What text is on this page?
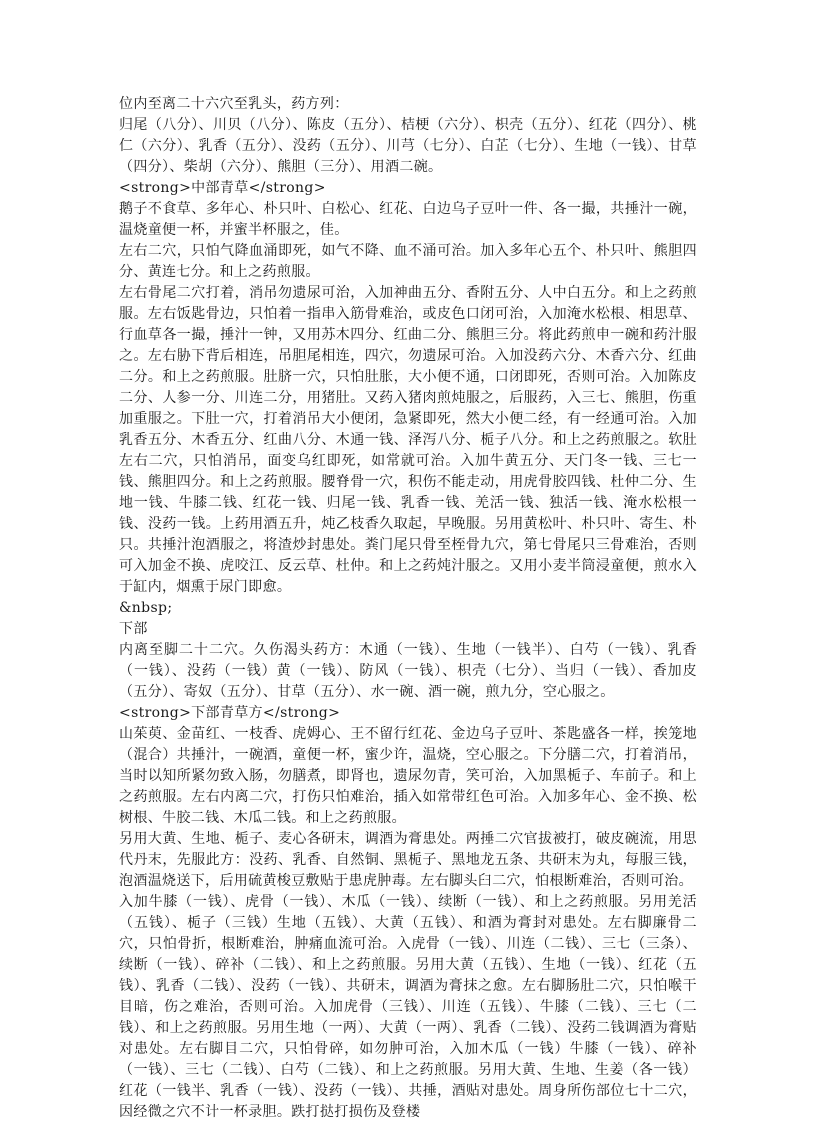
位内至离二十六穴至乳头，药方列：

归尾（八分）、川贝（八分）、陈皮（五分）、桔梗（六分）、枳壳（五分）、红花（四分）、桃仁（六分）、乳香（五分）、没药（五分）、川芎（七分）、白芷（七分）、生地（一钱）、甘草（四分）、柴胡（六分）、熊胆（三分）、用酒二碗。

<strong>中部青草</strong>

鹅子不食草、多年心、朴只叶、白松心、红花、白边乌子豆叶一件、各一撮，共捶汁一碗，温烧童便一杯，并蜜半杯服之，佳。

左右二穴，只怕气降血涌即死，如气不降、血不涌可治。加入多年心五个、朴只叶、熊胆四分、黄连七分。和上之药煎服。

左右骨尾二穴打着，消吊勿遗尿可治，入加神曲五分、香附五分、人中白五分。和上之药煎服。左右饭匙骨边，只怕着一指串入筋骨难治，或皮色口闭可治，入加淹水松根、相思草、行血草各一撮，捶汁一钟，又用苏木四分、红曲二分、熊胆三分。将此药煎申一碗和药汁服之。左右胁下背后相连，吊胆尾相连，四穴，勿遗尿可治。入加没药六分、木香六分、红曲二分。和上之药煎服。肚脐一穴，只怕肚胀，大小便不通，口闭即死，否则可治。入加陈皮二分、人参一分、川连二分，用猪肚。又药入猪肉煎炖服之，后服药，入三七、熊胆，伤重加重服之。下肚一穴，打着消吊大小便闭，急紧即死，然大小便二经，有一经通可治。入加乳香五分、木香五分、红曲八分、木通一钱、泽泻八分、栀子八分。和上之药煎服之。软肚左右二穴，只怕消吊，面变乌红即死，如常就可治。入加牛黄五分、天门冬一钱、三七一钱、熊胆四分。和上之药煎服。腰脊骨一穴，积伤不能走动，用虎骨胶四钱、杜仲二分、生地一钱、牛膝二钱、红花一钱、归尾一钱、乳香一钱、羌活一钱、独活一钱、淹水松根一钱、没药一钱。上药用酒五升，炖乙枝香久取起，早晚服。另用黄松叶、朴只叶、寄生、朴只。共捶汁泡酒服之，将渣炒封患处。粪门尾只骨至桎骨九穴，第七骨尾只三骨难治，否则可入加金不换、虎咬江、反云草、杜仲。和上之药炖汁服之。又用小麦半筒浸童便，煎水入于缸内，烟熏于尿门即愈。

&nbsp;

下部

内离至脚二十二穴。久伤渴头药方：木通（一钱）、生地（一钱半）、白芍（一钱）、乳香（一钱）、没药（一钱）黄（一钱）、防风（一钱）、枳壳（七分）、当归（一钱）、香加皮（五分）、寄奴（五分）、甘草（五分）、水一碗、酒一碗，煎九分，空心服之。

<strong>下部青草方</strong>

山茱萸、金苗红、一枝香、虎姆心、王不留行红花、金边乌子豆叶、茶匙盛各一样，挨笼地（混合）共捶汁，一碗酒，童便一杯，蜜少许，温烧，空心服之。下分膳二穴，打着消吊，当时以知所紧勿致入肠，勿膳煮，即肾也，遗尿勿青，笑可治，入加黑栀子、车前子。和上之药煎服。左右内离二穴，打伤只怕难治，插入如常带红色可治。入加多年心、金不换、松树根、牛胶二钱、木瓜二钱。和上之药煎服。

另用大黄、生地、栀子、麦心各研末，调酒为膏患处。两捶二穴官拔被打，破皮碗流，用思代丹末，先服此方：没药、乳香、自然铜、黑栀子、黑地龙五条、共研末为丸，每服三钱，泡酒温烧送下，后用硫黄梭豆敷贴于患虎肿毒。左右脚头臼二穴，怕根断难治，否则可治。

入加牛膝（一钱）、虎骨（一钱）、木瓜（一钱）、续断（一钱）、和上之药煎服。另用羌活（五钱）、栀子（三钱）生地（五钱）、大黄（五钱）、和酒为膏封对患处。左右脚廉骨二穴，只怕骨折，根断难治，肿痛血流可治。入虎骨（一钱）、川连（二钱）、三七（三条）、续断（一钱）、碎补（二钱）、和上之药煎服。另用大黄（五钱）、生地（一钱）、红花（五钱）、乳香（二钱）、没药（一钱）、共研末，调酒为膏抹之愈。左右脚肠肚二穴，只怕喉干目暗，伤之难治，否则可治。入加虎骨（三钱）、川连（五钱）、牛膝（二钱）、三七（二钱）、和上之药煎服。另用生地（一两）、大黄（一两）、乳香（二钱）、没药二钱调酒为膏贴对患处。左右脚目二穴，只怕骨碎，如勿肿可治，入加木瓜（一钱）牛膝（一钱）、碎补（一钱）、三七（二钱）、白芍（二钱）、和上之药煎服。另用大黄、生地、生姜（各一钱）红花（一钱半、乳香（一钱）、没药（一钱）、共捶，酒贴对患处。周身所伤部位七十二穴，因经微之穴不计一杯录胆。跌打挞打损伤及登楼
